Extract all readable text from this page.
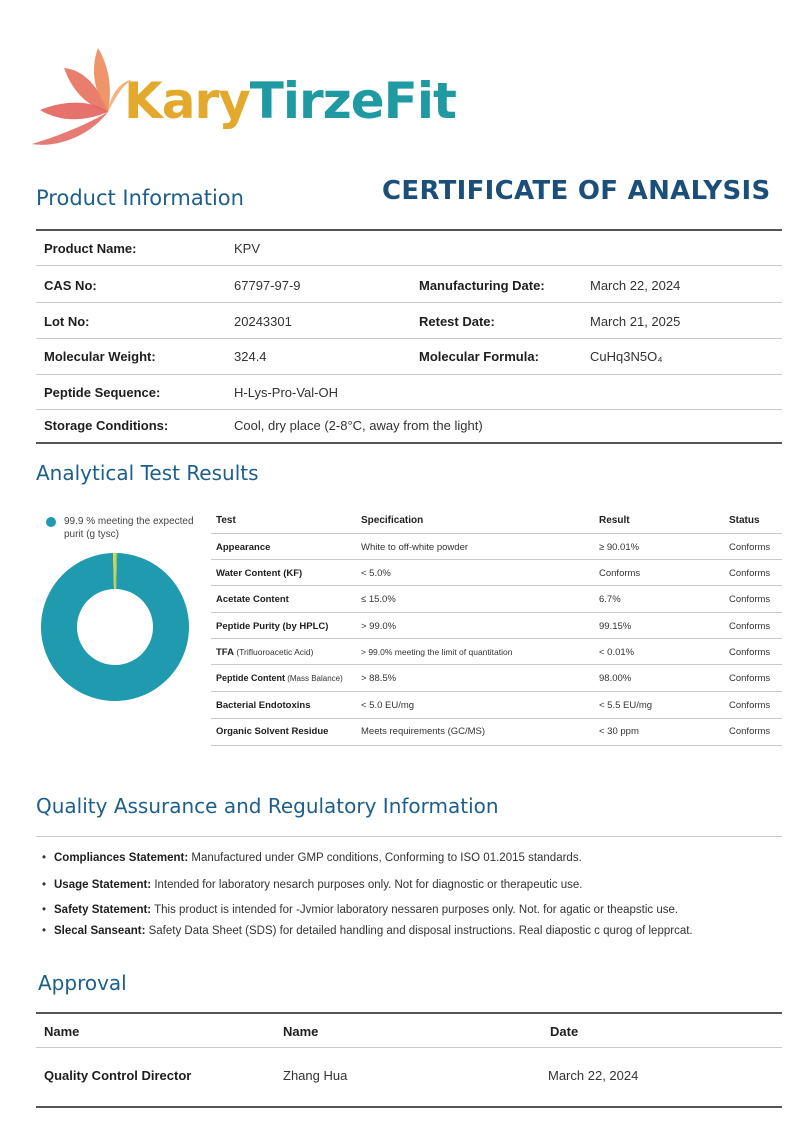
KaryTirzeFit
Product Information	CERTIFICATE OF ANALYSIS
Product Name:	KPV
CAS No:	67797-97-9	Manufacturing Date:	March 22, 2024
Lot No:	20243301	Retest Date:	March 21, 2025
Molecular Weight:	324.4	Molecular Formula:	CuHq3N5O₄
Peptide Sequence:	H-Lys-Pro-Val-OH
Storage Conditions:	Cool, dry place (2-8°C, away from the light)
Analytical Test Results
99.9 % meeting the expected purit (g tysc)
Test	Specification	Result	Status
Appearance	White to off-white powder	≥ 90.01%	Conforms
Water Content (KF)	< 5.0%	Conforms	Conforms
Acetate Content	≤ 15.0%	6.7%	Conforms
Peptide Purity (by HPLC)	> 99.0%	99.15%	Conforms
TFA (Trifluoroacetic Acid)	> 99.0% meeting the limit of quantitation	< 0.01%	Conforms
Peptide Content (Mass Balance) > 88.5%	98.00%	Conforms
Bacterial Endotoxins	< 5.0 EU/mg	< 5.5 EU/mg	Conforms
Organic Solvent Residue	Meets requirements (GC/MS)	< 30 ppm	Conforms
Quality Assurance and Regulatory Information
• Compliances Statement: Manufactured under GMP conditions, Conforming to ISO 01.2015 standards.
• Usage Statement: Intended for laboratory nesarch purposes only. Not for diagnostic or therapeutic use.
• Safety Statement: This product is intended for -Jvmior laboratory nessaren purposes only. Not. for agatic or theapstic use.
• Slecal Sanseant: Safety Data Sheet (SDS) for detailed handling and disposal instructions. Real diapostic c qurog of lepprcat.
Approval
Name	Name	Date
Quality Control Director	Zhang Hua	March 22, 2024
